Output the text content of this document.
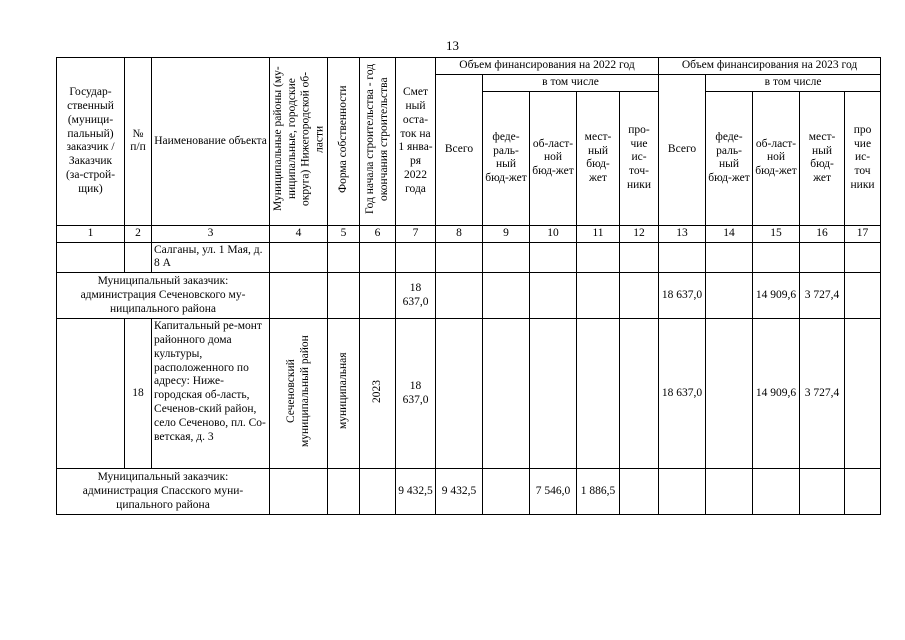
13
Государ-ственный (муници-пальный) заказчик / Заказчик (за-строй-щик)	№ п/п	Наименование объекта	Муниципальные районы (му-ниципальные, городские округа) Нижегородской об-ласти	Форма собственности	Год начала строительства - год окончания строительства	Смет ный оста-ток на 1 янва-ря 2022 года	Объем финансирования на 2022 год					Объем финансирования на 2023 год				
							Всего	в том числе				Всего	в том числе			
								феде-раль-ный бюд-жет	об-ласт-ной бюд-жет	мест-ный бюд-жет	про-чие ис-точ-ники		феде-раль-ный бюд-жет	об-ласт-ной бюд-жет	мест-ный бюд-жет	про чие ис-точ ники
1	2	3	4	5	6	7	8	9	10	11	12	13	14	15	16	17
		Салганы, ул. 1 Мая, д. 8 А														
Муниципальный заказчик: администрация Сеченовского му-ниципального района						18 637,0						18 637,0		14 909,6	3 727,4	
	18	Капитальный ре-монт районного дома культуры, расположенного по адресу: Ниже-городская об-ласть, Сеченов-ский район, село Сеченово, пл. Со-ветская, д. 3	Сеченовский муниципальный район	муниципальная	2023	18 637,0						18 637,0		14 909,6	3 727,4	
Муниципальный заказчик: администрация Спасского муни-ципального района						9 432,5	9 432,5		7 546,0	1 886,5						
